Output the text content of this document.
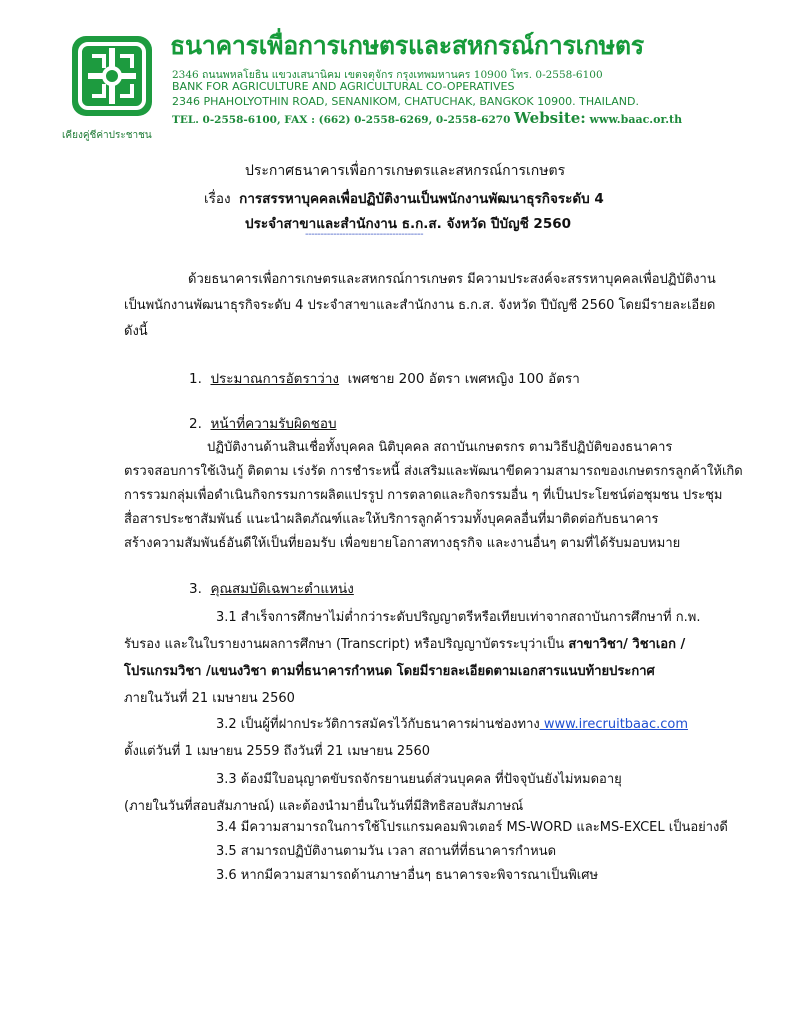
เคียงคู่ชีค่าประชาชน
ธนาคารเพื่อการเกษตรและสหกรณ์การเกษตร
2346 ถนนพหลโยธิน แขวงเสนานิคม เขตจตุจักร กรุงเทพมหานคร 10900 โทร. 0-2558-6100
BANK FOR AGRICULTURE AND AGRICULTURAL CO-OPERATIVES
2346 PHAHOLYOTHIN ROAD, SENANIKOM, CHATUCHAK, BANGKOK 10900. THAILAND.
TEL. 0-2558-6100, FAX : (662) 0-2558-6269, 0-2558-6270 Website: www.baac.or.th
ประกาศธนาคารเพื่อการเกษตรและสหกรณ์การเกษตร
เรื่อง การสรรหาบุคคลเพื่อปฏิบัติงานเป็นพนักงานพัฒนาธุรกิจระดับ 4
ประจำสาขาและสำนักงาน ธ.ก.ส. จังหวัด ปีบัญชี 2560
--------------------------------------
ด้วยธนาคารเพื่อการเกษตรและสหกรณ์การเกษตร มีความประสงค์จะสรรหาบุคคลเพื่อปฏิบัติงาน
เป็นพนักงานพัฒนาธุรกิจระดับ 4 ประจำสาขาและสำนักงาน ธ.ก.ส. จังหวัด ปีบัญชี 2560 โดยมีรายละเอียด
ดังนี้
1. ประมาณการอัตราว่าง เพศชาย 200 อัตรา เพศหญิง 100 อัตรา
2. หน้าที่ความรับผิดชอบ
ปฏิบัติงานด้านสินเชื่อทั้งบุคคล นิติบุคคล สถาบันเกษตรกร ตามวิธีปฏิบัติของธนาคาร
ตรวจสอบการใช้เงินกู้ ติดตาม เร่งรัด การชำระหนี้ ส่งเสริมและพัฒนาขีดความสามารถของเกษตรกรลูกค้าให้เกิด
การรวมกลุ่มเพื่อดำเนินกิจกรรมการผลิตแปรรูป การตลาดและกิจกรรมอื่น ๆ ที่เป็นประโยชน์ต่อชุมชน ประชุม
สื่อสารประชาสัมพันธ์ แนะนำผลิตภัณฑ์และให้บริการลูกค้ารวมทั้งบุคคลอื่นที่มาติดต่อกับธนาคาร
สร้างความสัมพันธ์อันดีให้เป็นที่ยอมรับ เพื่อขยายโอกาสทางธุรกิจ และงานอื่นๆ ตามที่ได้รับมอบหมาย
3. คุณสมบัติเฉพาะตำแหน่ง
3.1 สำเร็จการศึกษาไม่ต่ำกว่าระดับปริญญาตรีหรือเทียบเท่าจากสถาบันการศึกษาที่ ก.พ.
รับรอง และในใบรายงานผลการศึกษา (Transcript) หรือปริญญาบัตรระบุว่าเป็น สาขาวิชา/ วิชาเอก /
โปรแกรมวิชา /แขนงวิชา ตามที่ธนาคารกำหนด โดยมีรายละเอียดตามเอกสารแนบท้ายประกาศ
ภายในวันที่ 21 เมษายน 2560
3.2 เป็นผู้ที่ฝากประวัติการสมัครไว้กับธนาคารผ่านช่องทาง www.irecruitbaac.com
ตั้งแต่วันที่ 1 เมษายน 2559 ถึงวันที่ 21 เมษายน 2560
3.3 ต้องมีใบอนุญาตขับรถจักรยานยนต์ส่วนบุคคล ที่ปัจจุบันยังไม่หมดอายุ
(ภายในวันที่สอบสัมภาษณ์) และต้องนำมายื่นในวันที่มีสิทธิสอบสัมภาษณ์
3.4 มีความสามารถในการใช้โปรแกรมคอมพิวเตอร์ MS-WORD และMS-EXCEL เป็นอย่างดี
3.5 สามารถปฏิบัติงานตามวัน เวลา สถานที่ที่ธนาคารกำหนด
3.6 หากมีความสามารถด้านภาษาอื่นๆ ธนาคารจะพิจารณาเป็นพิเศษ
